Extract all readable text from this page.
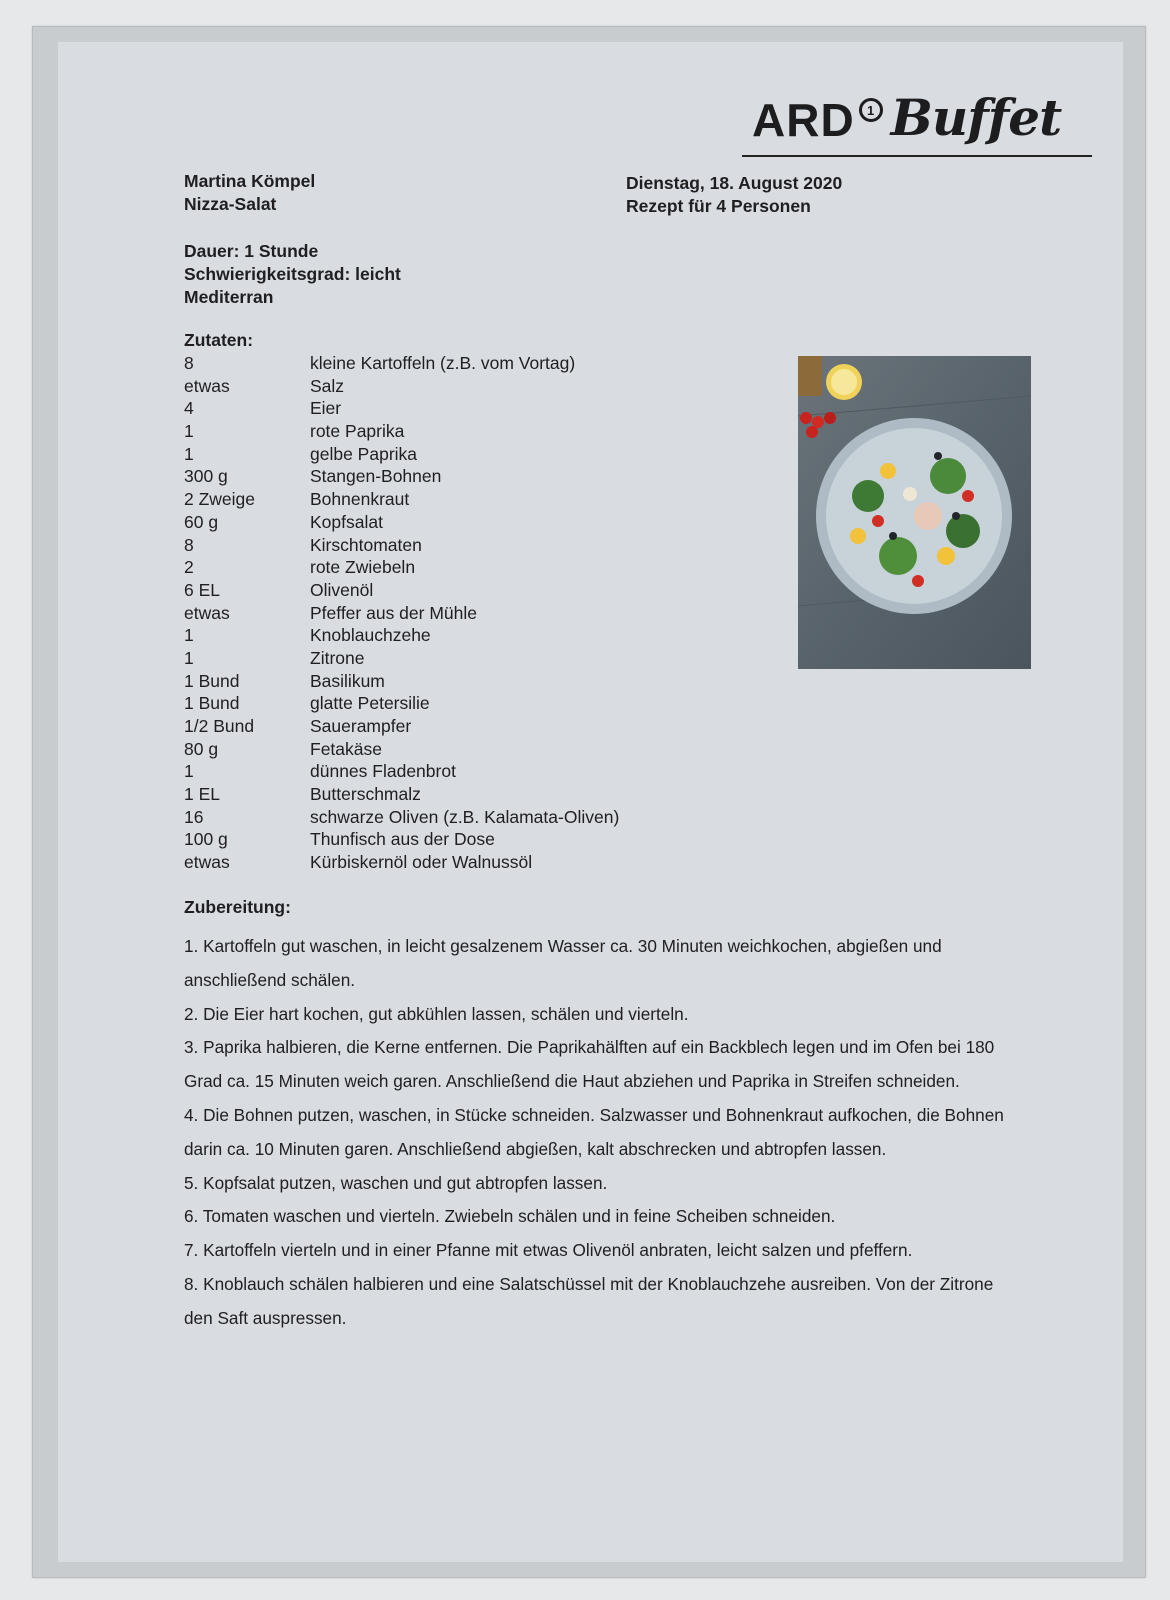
ARD 1 Buffet
Martina Kömpel
Nizza-Salat
Dienstag, 18. August 2020
Rezept für 4 Personen
Dauer: 1 Stunde
Schwierigkeitsgrad: leicht
Mediterran
Zutaten:
8	kleine Kartoffeln (z.B. vom Vortag)
etwas	Salz
4	Eier
1	rote Paprika
1	gelbe Paprika
300 g	Stangen-Bohnen
2 Zweige	Bohnenkraut
60 g	Kopfsalat
8	Kirschtomaten
2	rote Zwiebeln
6 EL	Olivenöl
etwas	Pfeffer aus der Mühle
1	Knoblauchzehe
1	Zitrone
1 Bund	Basilikum
1 Bund	glatte Petersilie
1/2 Bund	Sauerampfer
80 g	Fetakäse
1	dünnes Fladenbrot
1 EL	Butterschmalz
16	schwarze Oliven (z.B. Kalamata-Oliven)
100 g	Thunfisch aus der Dose
etwas	Kürbiskernöl oder Walnussöl
Zubereitung:
1. Kartoffeln gut waschen, in leicht gesalzenem Wasser ca. 30 Minuten weichkochen, abgießen und anschließend schälen.
2. Die Eier hart kochen, gut abkühlen lassen, schälen und vierteln.
3. Paprika halbieren, die Kerne entfernen. Die Paprikahälften auf ein Backblech legen und im Ofen bei 180 Grad ca. 15 Minuten weich garen. Anschließend die Haut abziehen und Paprika in Streifen schneiden.
4. Die Bohnen putzen, waschen, in Stücke schneiden. Salzwasser und Bohnenkraut aufkochen, die Bohnen darin ca. 10 Minuten garen. Anschließend abgießen, kalt abschrecken und abtropfen lassen.
5. Kopfsalat putzen, waschen und gut abtropfen lassen.
6. Tomaten waschen und vierteln. Zwiebeln schälen und in feine Scheiben schneiden.
7. Kartoffeln vierteln und in einer Pfanne mit etwas Olivenöl anbraten, leicht salzen und pfeffern.
8. Knoblauch schälen halbieren und eine Salatschüssel mit der Knoblauchzehe ausreiben. Von der Zitrone den Saft auspressen.
